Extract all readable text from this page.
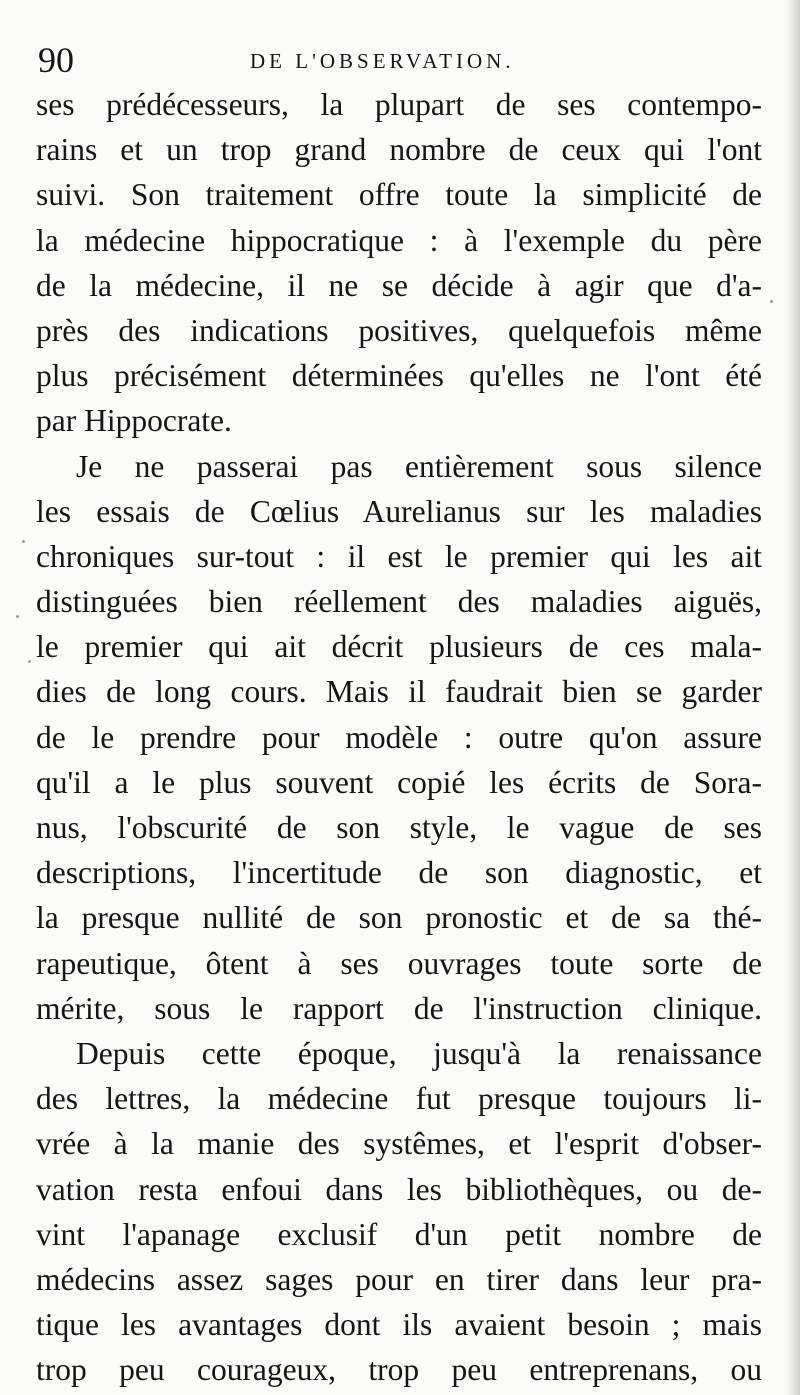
90	DE L'OBSERVATION.
ses prédécesseurs, la plupart de ses contempo-
rains et un trop grand nombre de ceux qui l'ont
suivi. Son traitement offre toute la simplicité de
la médecine hippocratique : à l'exemple du père
de la médecine, il ne se décide à agir que d'a-
près des indications positives, quelquefois même
plus précisément déterminées qu'elles ne l'ont été
par Hippocrate.
Je ne passerai pas entièrement sous silence
les essais de Cœlius Aurelianus sur les maladies
chroniques sur-tout : il est le premier qui les ait
distinguées bien réellement des maladies aiguës,
le premier qui ait décrit plusieurs de ces mala-
dies de long cours. Mais il faudrait bien se garder
de le prendre pour modèle : outre qu'on assure
qu'il a le plus souvent copié les écrits de Sora-
nus, l'obscurité de son style, le vague de ses
descriptions, l'incertitude de son diagnostic, et
la presque nullité de son pronostic et de sa thé-
rapeutique, ôtent à ses ouvrages toute sorte de
mérite, sous le rapport de l'instruction clinique.
Depuis cette époque, jusqu'à la renaissance
des lettres, la médecine fut presque toujours li-
vrée à la manie des systêmes, et l'esprit d'obser-
vation resta enfoui dans les bibliothèques, ou de-
vint l'apanage exclusif d'un petit nombre de
médecins assez sages pour en tirer dans leur pra-
tique les avantages dont ils avaient besoin ; mais
trop peu courageux, trop peu entreprenans, ou
